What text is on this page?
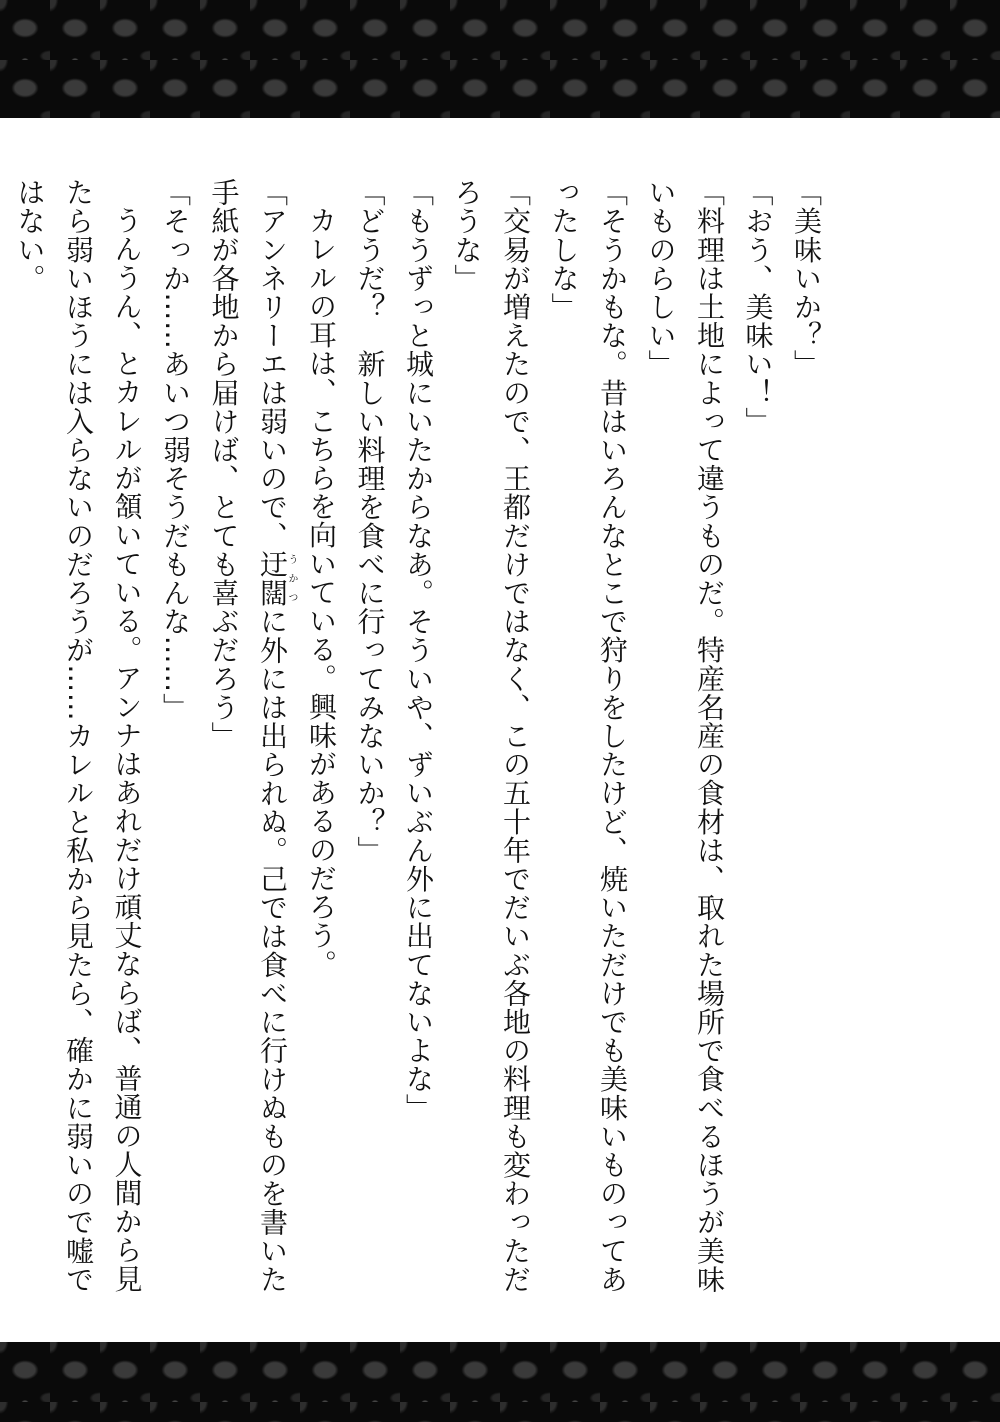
「美味いか？」

「おう、美味い！」

「料理は土地によって違うものだ。特産名産の食材は、取れた場所で食べるほうが美味

いものらしい」

「そうかもな。昔はいろんなとこで狩りをしたけど、焼いただけでも美味いものってあ

ったしな」

「交易が増えたので、王都だけではなく、この五十年でだいぶ各地の料理も変わっただ

ろうな」

「もうずっと城にいたからなあ。そういや、ずいぶん外に出てないよな」

「どうだ？　新しい料理を食べに行ってみないか？」

カレルの耳は、こちらを向いている。興味があるのだろう。

「アンネリーエは弱いので、迂闊うかつに外には出られぬ。己では食べに行けぬものを書いた

手紙が各地から届けば、とても喜ぶだろう」

「そっか……あいつ弱そうだもんな……」

うんうん、とカレルが頷いている。アンナはあれだけ頑丈ならば、普通の人間から見

たら弱いほうには入らないのだろうが……カレルと私から見たら、確かに弱いので嘘で

はない。
